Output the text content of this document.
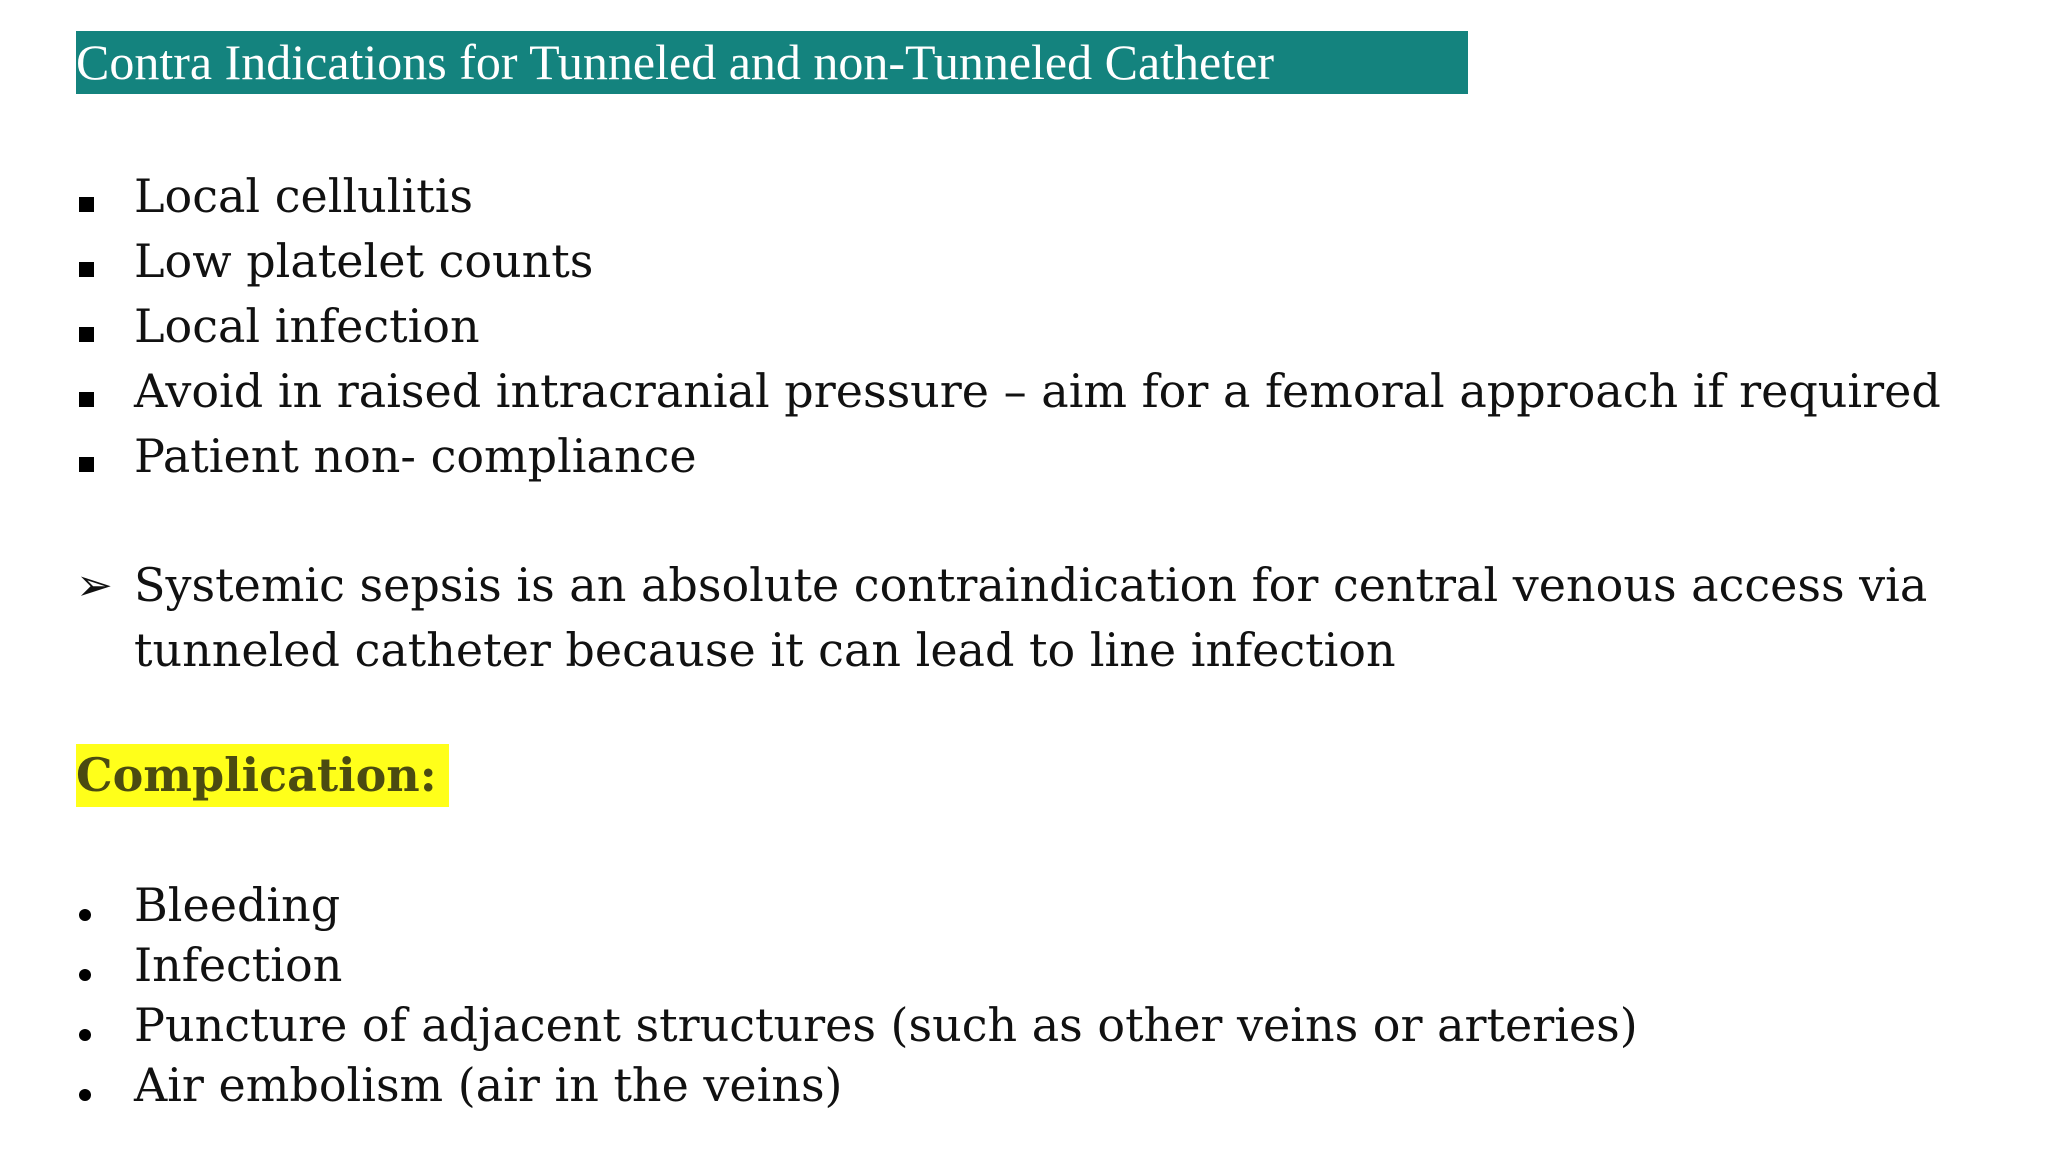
Contra Indications for Tunneled and non-Tunneled Catheter
Local cellulitis
Low platelet counts
Local infection
Avoid in raised intracranial pressure – aim for a femoral approach if required
Patient non- compliance
➢ Systemic sepsis is an absolute contraindication for central venous access via
tunneled catheter because it can lead to line infection
Complication:
Bleeding
Infection
Puncture of adjacent structures (such as other veins or arteries)
Air embolism (air in the veins)
